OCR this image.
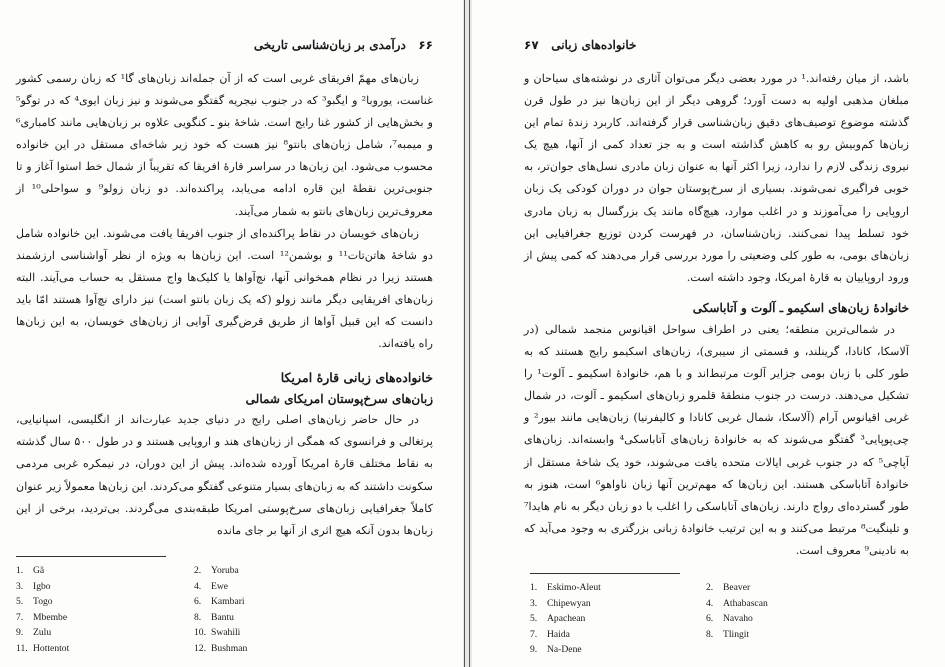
۶۶   درآمدی بر زبان‌شناسی تاریخی

زبان‌های مهمّ افریقای غربی است که از آن جمله‌اند زبان‌های گا¹ که زبان رسمی کشور غناست، یوروبا² و ایگبو³ که در جنوب نیجریه گفتگو می‌شوند و نیز زبان ایوی⁴ که در توگو⁵ و بخش‌هایی از کشور غنا رایج است. شاخهٔ بنو ـ کنگویی علاوه بر زبان‌هایی مانند کامباری⁶ و میمبه⁷، شامل زبان‌های بانتو⁸ نیز هست که خود زیر شاخه‌ای مستقل در این خانواده محسوب می‌شود. این زبان‌ها در سراسر قارهٔ افریقا که تقریباً از شمال خط استوا آغاز و تا جنوبی‌ترین نقطهٔ این قاره ادامه می‌یابد، پراکنده‌اند. دو زبان زولو⁹ و سواحلی¹⁰ از معروف‌ترین زبان‌های بانتو به شمار می‌آیند.

زبان‌های خویسان در نقاط پراکنده‌ای از جنوب افریقا یافت می‌شوند. این خانواده شامل دو شاخهٔ هاتن‌تات¹¹ و بوشمن¹² است. این زبان‌ها به ویژه از نظر آواشناسی ارزشمند هستند زیرا در نظام همخوانی آنها، نچ‌آواها یا کلیک‌ها واج مستقل به حساب می‌آیند. البته زبان‌های افریقایی دیگر مانند زولو (که یک زبان بانتو است) نیز دارای نچ‌آوا هستند امّا باید دانست که این قبیل آواها از طریق قرض‌گیری آوایی از زبان‌های خویسان، به این زبان‌ها راه یافته‌اند.

خانواده‌های زبانی قارهٔ امریکا
زبان‌های سرخ‌پوستان امریکای شمالی

در حال حاضر زبان‌های اصلی رایج در دنیای جدید عبارت‌اند از انگلیسی، اسپانیایی، پرتغالی و فرانسوی که همگی از زبان‌های هند و اروپایی هستند و در طول ۵۰۰ سال گذشته به نقاط مختلف قارهٔ امریکا آورده شده‌اند. پیش از این دوران، در نیمکره غربی مردمی سکونت داشتند که به زبان‌های بسیار متنوعی گفتگو می‌کردند. این زبان‌ها معمولاً زیر عنوان کاملاً جغرافیایی زبان‌های سرخ‌پوستی امریکا طبقه‌بندی می‌گردند. بی‌تردید، برخی از این زبان‌ها بدون آنکه هیچ اثری از آنها بر جای مانده

1. Gã	2. Yoruba
3. Igbo	4. Ewe
5. Togo	6. Kambari
7. Mbembe	8. Bantu
9. Zulu	10. Swahili
11. Hottentot	12. Bushman
خانواده‌های زبانی   ۶۷

باشد، از میان رفته‌اند.¹ در مورد بعضی دیگر می‌توان آثاری در نوشته‌های سیاحان و مبلغان مذهبی اولیه به دست آورد؛ گروهی دیگر از این زبان‌ها نیز در طول قرن گذشته موضوع توصیف‌های دقیق زبان‌شناسی قرار گرفته‌اند. کاربرد زندهٔ تمام این زبان‌ها کم‌وبیش رو به کاهش گذاشته است و به جز تعداد کمی از آنها، هیچ یک نیروی زندگی لازم را ندارد، زیرا اکثر آنها به عنوان زبان مادری نسل‌های جوان‌تر، به خوبی فراگیری نمی‌شوند. بسیاری از سرخ‌پوستان جوان در دوران کودکی یک زبان اروپایی را می‌آموزند و در اغلب موارد، هیچ‌گاه مانند یک بزرگسال به زبان مادری خود تسلط پیدا نمی‌کنند. زبان‌شناسان، در فهرست کردن توزیع جغرافیایی این زبان‌های بومی، به طور کلی وضعیتی را مورد بررسی قرار می‌دهند که کمی پیش از ورود اروپاییان به قارهٔ امریکا، وجود داشته است.

خانوادهٔ زبان‌های اسکیمو ـ آلوت و آتاباسکی

در شمالی‌ترین منطقه؛ یعنی در اطراف سواحل اقیانوس منجمد شمالی (در آلاسکا، کانادا، گرینلند، و قسمتی از سیبری)، زبان‌های اسکیمو رایج هستند که به طور کلی با زبان بومی جزایر آلوت مرتبط‌اند و با هم، خانوادهٔ اسکیمو ـ آلوت¹ را تشکیل می‌دهند. درست در جنوب منطقهٔ قلمرو زبان‌های اسکیمو ـ آلوت، در شمال غربی اقیانوس آرام (آلاسکا، شمال غربی کانادا و کالیفرنیا) زبان‌هایی مانند بیور² و چی‌پوپایی³ گفتگو می‌شوند که به خانوادهٔ زبان‌های آتاباسکی⁴ وابسته‌اند. زبان‌های آپاچی⁵ که در جنوب غربی ایالات متحده یافت می‌شوند، خود یک شاخهٔ مستقل از خانوادهٔ آتاباسکی هستند. این زبان‌ها که مهم‌ترین آنها زبان ناواهو⁶ است، هنوز به طور گسترده‌ای رواج دارند. زبان‌های آتاباسکی را اغلب با دو زبان دیگر به نام هایدا⁷ و تلینگیت⁸ مرتبط می‌کنند و به این ترتیب خانوادهٔ زبانی بزرگتری به وجود می‌آید که به نادینی⁹ معروف است.

1. Eskimo-Aleut	2. Beaver
3. Chipewyan	4. Athabascan
5. Apachean	6. Navaho
7. Haida	8. Tlingit
9. Na-Dene
